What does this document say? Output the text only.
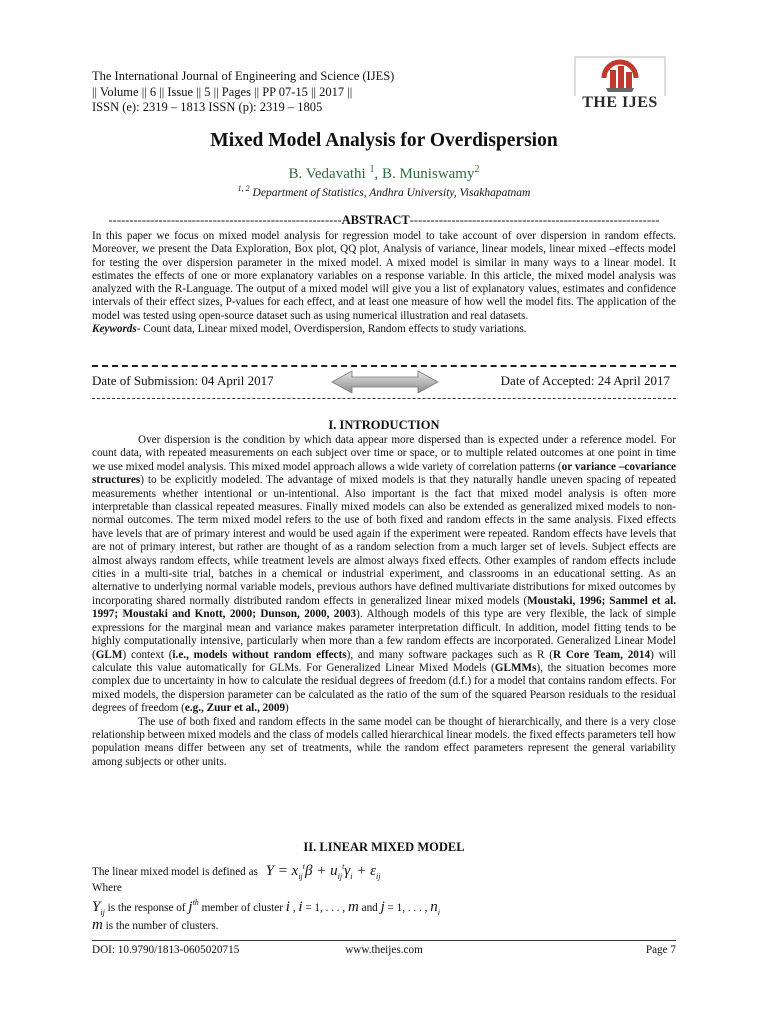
The International Journal of Engineering and Science (IJES)
|| Volume || 6 || Issue || 5 || Pages || PP 07-15 || 2017 ||
ISSN (e): 2319 – 1813 ISSN (p): 2319 – 1805	THE IJES
Mixed Model Analysis for Overdispersion
B. Vedavathi $^1$, B. Muniswamy$^2$
$^{1, 2}$ Department of Statistics, Andhra University, Visakhapatnam
--------------------------------------------------------ABSTRACT------------------------------------------------------------

In this paper we focus on mixed model analysis for regression model to take account of over dispersion in random effects. Moreover, we present the Data Exploration, Box plot, QQ plot, Analysis of variance, linear models, linear mixed –effects model for testing the over dispersion parameter in the mixed model. A mixed model is similar in many ways to a linear model. It estimates the effects of one or more explanatory variables on a response variable. In this article, the mixed model analysis was analyzed with the R-Language. The output of a mixed model will give you a list of explanatory values, estimates and confidence intervals of their effect sizes, P-values for each effect, and at least one measure of how well the model fits. The application of the model was tested using open-source dataset such as using numerical illustration and real datasets.

Keywords- Count data, Linear mixed model, Overdispersion, Random effects to study variations.

Date of Submission: 04 April 2017	Date of Accepted: 24 April 2017
I. INTRODUCTION

Over dispersion is the condition by which data appear more dispersed than is expected under a reference model. For count data, with repeated measurements on each subject over time or space, or to multiple related outcomes at one point in time we use mixed model analysis. This mixed model approach allows a wide variety of correlation patterns (or variance –covariance structures) to be explicitly modeled. The advantage of mixed models is that they naturally handle uneven spacing of repeated measurements whether intentional or un-intentional. Also important is the fact that mixed model analysis is often more interpretable than classical repeated measures. Finally mixed models can also be extended as generalized mixed models to non-normal outcomes. The term mixed model refers to the use of both fixed and random effects in the same analysis. Fixed effects have levels that are of primary interest and would be used again if the experiment were repeated. Random effects have levels that are not of primary interest, but rather are thought of as a random selection from a much larger set of levels. Subject effects are almost always random effects, while treatment levels are almost always fixed effects. Other examples of random effects include cities in a multi-site trial, batches in a chemical or industrial experiment, and classrooms in an educational setting. As an alternative to underlying normal variable models, previous authors have defined multivariate distributions for mixed outcomes by incorporating shared normally distributed random effects in generalized linear mixed models (Moustaki, 1996; Sammel et al. 1997; Moustaki and Knott, 2000; Dunson, 2000, 2003). Although models of this type are very flexible, the lack of simple expressions for the marginal mean and variance makes parameter interpretation difficult. In addition, model fitting tends to be highly computationally intensive, particularly when more than a few random effects are incorporated. Generalized Linear Model (GLM) context (i.e., models without random effects), and many software packages such as R (R Core Team, 2014) will calculate this value automatically for GLMs. For Generalized Linear Mixed Models (GLMMs), the situation becomes more complex due to uncertainty in how to calculate the residual degrees of freedom (d.f.) for a model that contains random effects. For mixed models, the dispersion parameter can be calculated as the ratio of the sum of the squared Pearson residuals to the residual degrees of freedom (e.g., Zuur et al., 2009)

The use of both fixed and random effects in the same model can be thought of hierarchically, and there is a very close relationship between mixed models and the class of models called hierarchical linear models. the fixed effects parameters tell how population means differ between any set of treatments, while the random effect parameters represent the general variability among subjects or other units.

II. LINEAR MIXED MODEL
The linear mixed model is defined as $Y = x_{ij}^t\beta + u_{ij}^t\gamma_i + \varepsilon_{ij}$
Where
$Y_{ij}$ is the response of $j^{th}$ member of cluster i , i = 1, . . . , m and j = 1, . . . , $n_i$
m is the number of clusters.
DOI: 10.9790/1813-0605020715	www.theijes.com	Page 7
